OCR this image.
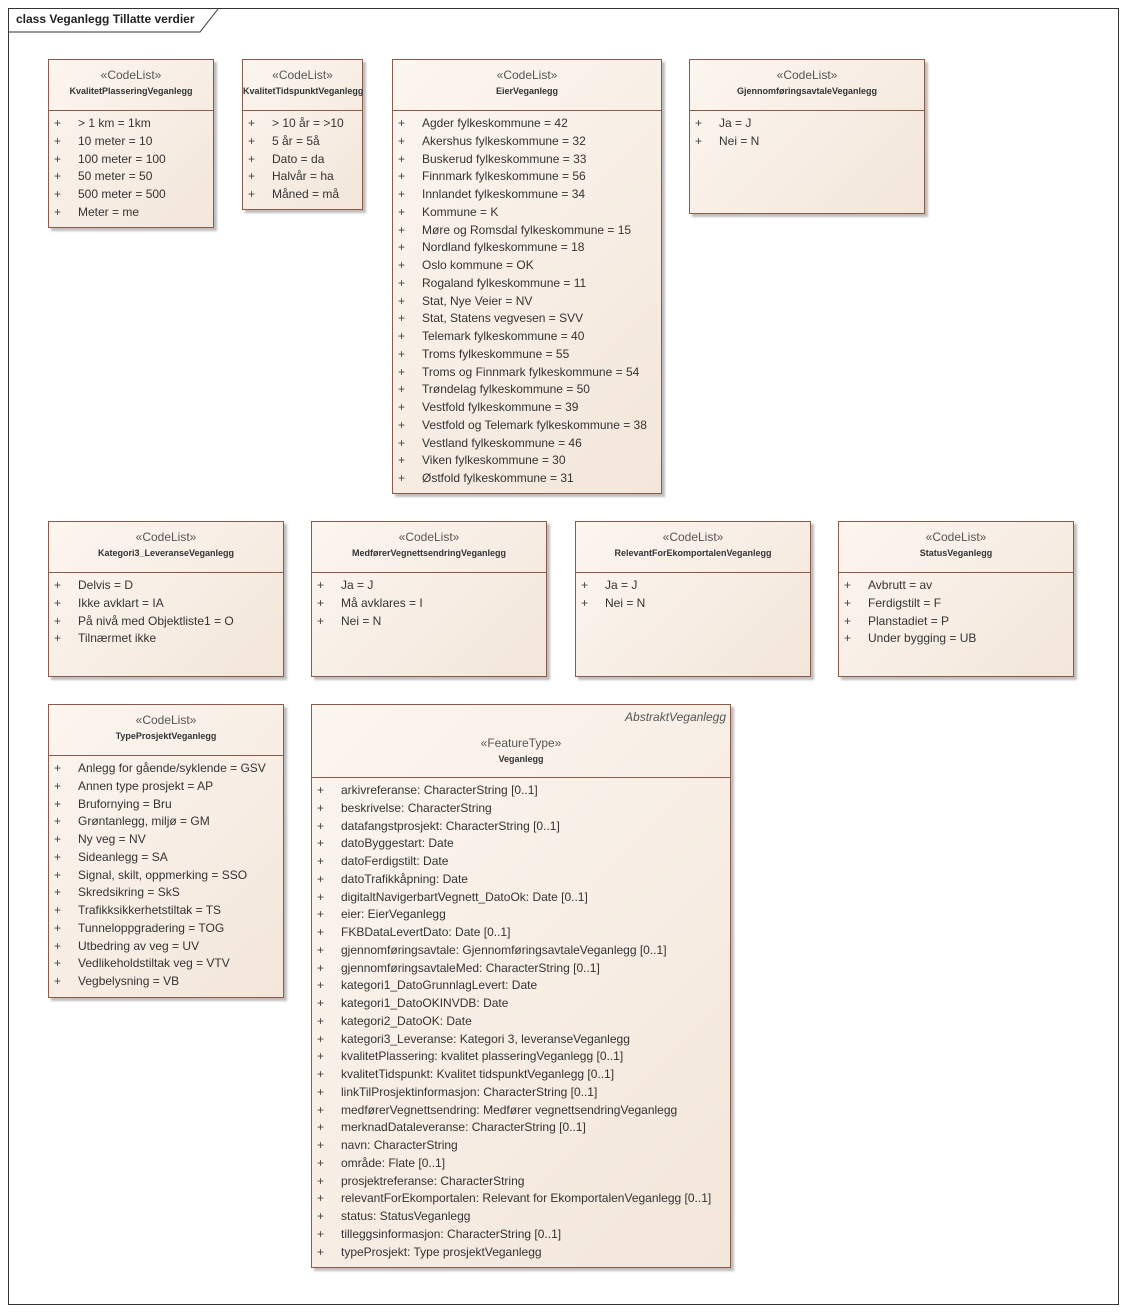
class Veganlegg Tillatte verdier
«CodeList»
KvalitetPlasseringVeganlegg
+ > 1 km = 1km
+ 10 meter = 10
+ 100 meter = 100
+ 50 meter = 50
+ 500 meter = 500
+ Meter = me
«CodeList»
KvalitetTidspunktVeganlegg
+ > 10 år = >10
+ 5 år = 5å
+ Dato = da
+ Halvår = ha
+ Måned = må
«CodeList»
EierVeganlegg
+ Agder fylkeskommune = 42
+ Akershus fylkeskommune = 32
+ Buskerud fylkeskommune = 33
+ Finnmark fylkeskommune = 56
+ Innlandet fylkeskommune = 34
+ Kommune = K
+ Møre og Romsdal fylkeskommune = 15
+ Nordland fylkeskommune = 18
+ Oslo kommune = OK
+ Rogaland fylkeskommune = 11
+ Stat, Nye Veier = NV
+ Stat, Statens vegvesen = SVV
+ Telemark fylkeskommune = 40
+ Troms fylkeskommune = 55
+ Troms og Finnmark fylkeskommune = 54
+ Trøndelag fylkeskommune = 50
+ Vestfold fylkeskommune = 39
+ Vestfold og Telemark fylkeskommune = 38
+ Vestland fylkeskommune = 46
+ Viken fylkeskommune = 30
+ Østfold fylkeskommune = 31
«CodeList»
GjennomføringsavtaleVeganlegg
+ Ja = J
+ Nei = N
«CodeList»
Kategori3_LeveranseVeganlegg
+ Delvis = D
+ Ikke avklart = IA
+ På nivå med Objektliste1 = O
+ Tilnærmet ikke
«CodeList»
MedførerVegnettsendringVeganlegg
+ Ja = J
+ Må avklares = I
+ Nei = N
«CodeList»
RelevantForEkomportalenVeganlegg
+ Ja = J
+ Nei = N
«CodeList»
StatusVeganlegg
+ Avbrutt = av
+ Ferdigstilt = F
+ Planstadiet = P
+ Under bygging = UB
«CodeList»
TypeProsjektVeganlegg
+ Anlegg for gående/syklende = GSV
+ Annen type prosjekt = AP
+ Brufornying = Bru
+ Grøntanlegg, miljø = GM
+ Ny veg = NV
+ Sideanlegg = SA
+ Signal, skilt, oppmerking = SSO
+ Skredsikring = SkS
+ Trafikksikkerhetstiltak = TS
+ Tunneloppgradering = TOG
+ Utbedring av veg = UV
+ Vedlikeholdstiltak veg = VTV
+ Vegbelysning = VB
AbstraktVeganlegg
«FeatureType»
Veganlegg
+ arkivreferanse: CharacterString [0..1]
+ beskrivelse: CharacterString
+ datafangstprosjekt: CharacterString [0..1]
+ datoByggestart: Date
+ datoFerdigstilt: Date
+ datoTrafikkåpning: Date
+ digitaltNavigerbartVegnett_DatoOk: Date [0..1]
+ eier: EierVeganlegg
+ FKBDataLevertDato: Date [0..1]
+ gjennomføringsavtale: GjennomføringsavtaleVeganlegg [0..1]
+ gjennomføringsavtaleMed: CharacterString [0..1]
+ kategori1_DatoGrunnlagLevert: Date
+ kategori1_DatoOKINVDB: Date
+ kategori2_DatoOK: Date
+ kategori3_Leveranse: Kategori 3, leveranseVeganlegg
+ kvalitetPlassering: kvalitet plasseringVeganlegg [0..1]
+ kvalitetTidspunkt: Kvalitet tidspunktVeganlegg [0..1]
+ linkTilProsjektinformasjon: CharacterString [0..1]
+ medførerVegnettsendring: Medfører vegnettsendringVeganlegg
+ merknadDataleveranse: CharacterString [0..1]
+ navn: CharacterString
+ område: Flate [0..1]
+ prosjektreferanse: CharacterString
+ relevantForEkomportalen: Relevant for EkomportalenVeganlegg [0..1]
+ status: StatusVeganlegg
+ tilleggsinformasjon: CharacterString [0..1]
+ typeProsjekt: Type prosjektVeganlegg
